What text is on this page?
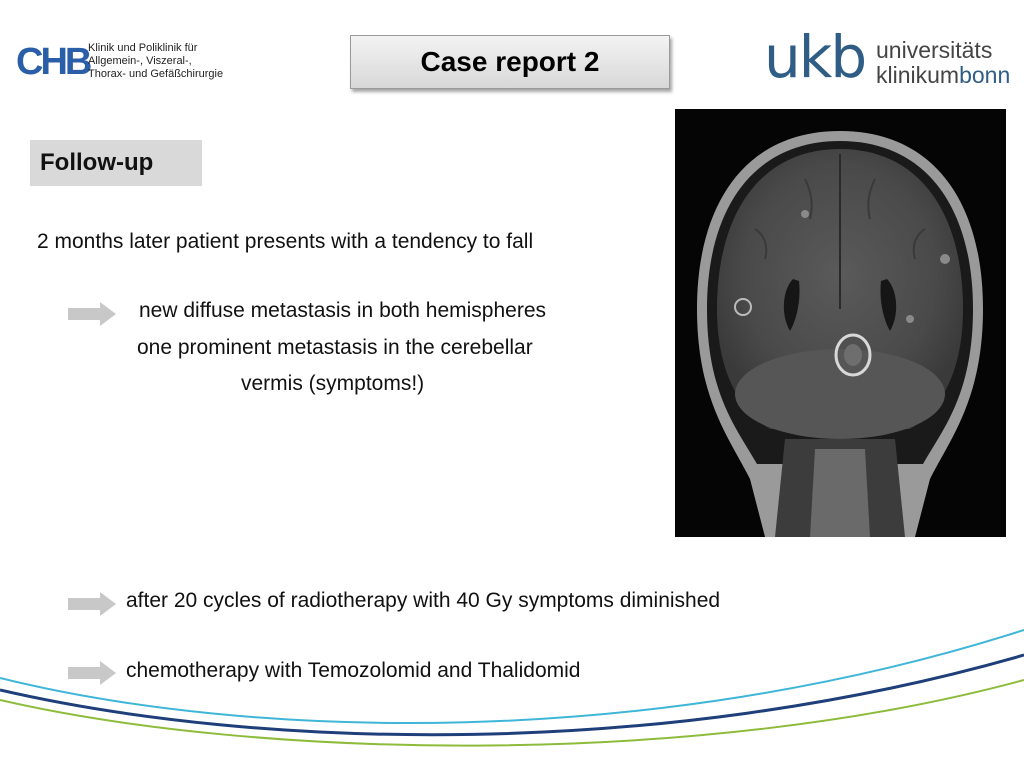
CHB
Klinik und Poliklinik für
Allgemein-, Viszeral-,
Thorax- und Gefäßchirurgie	Case report 2	ukb universitäts
klinikumbonn
Follow-up
2 months later patient presents with a tendency to fall
new diffuse metastasis in both hemispheres
one prominent metastasis in the cerebellar
vermis (symptoms!)
after 20 cycles of radiotherapy with 40 Gy symptoms diminished
chemotherapy with Temozolomid and Thalidomid
